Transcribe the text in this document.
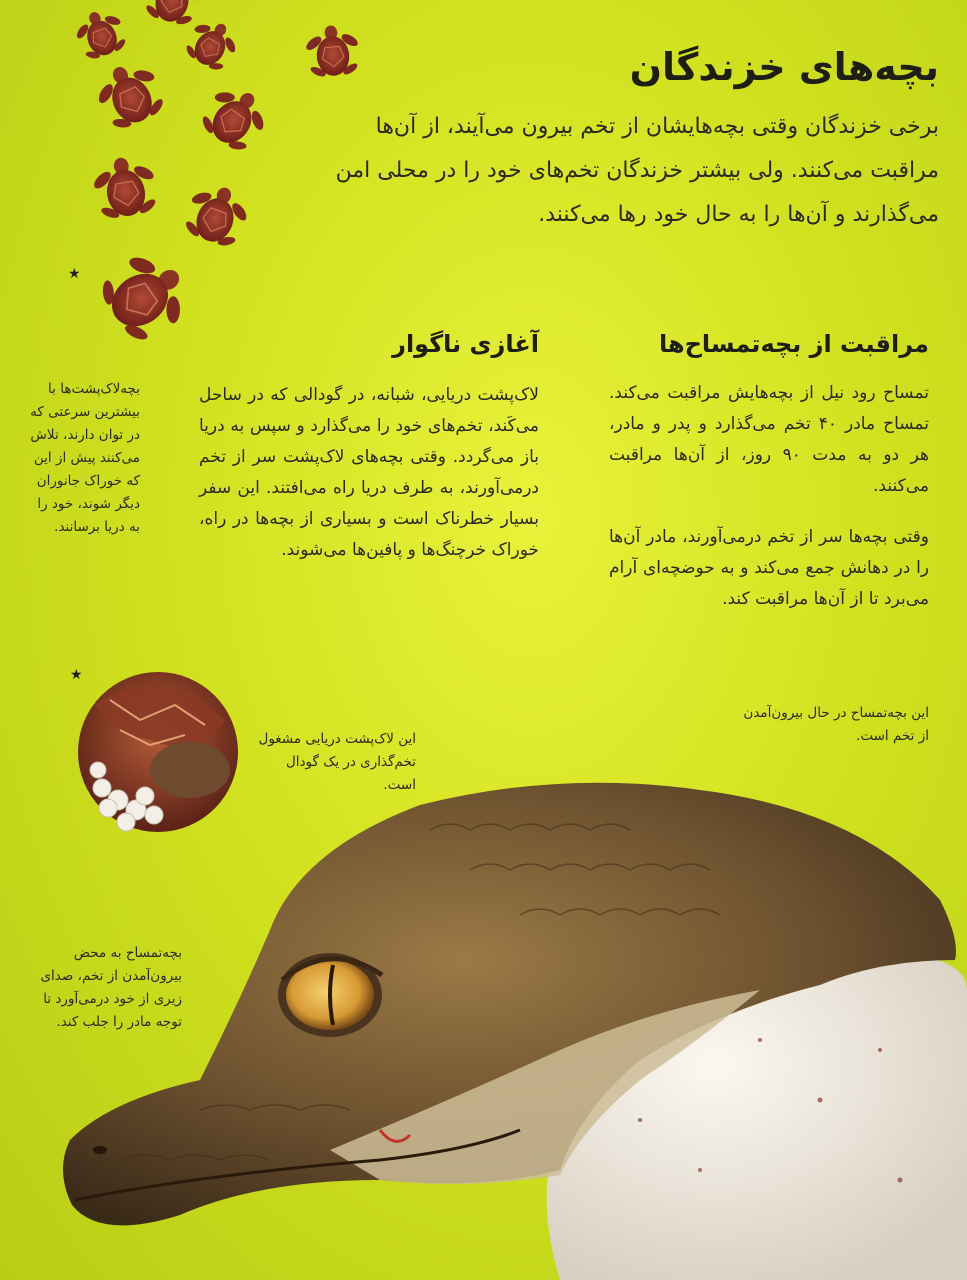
بچه‌های خزندگان

برخی خزندگان وقتی بچه‌هایشان از تخم بیرون می‌آیند، از آن‌ها مراقبت می‌کنند. ولی بیشتر خزندگان تخم‌های خود را در محلی امن می‌گذارند و آن‌ها را به حال خود رها می‌کنند.

مراقبت از بچه‌تمساح‌ها

تمساح رود نیل از بچه‌هایش مراقبت می‌کند. تمساح مادر ۴۰ تخم می‌گذارد و پدر و مادر، هر دو به مدت ۹۰ روز، از آن‌ها مراقبت می‌کنند.

وقتی بچه‌ها سر از تخم درمی‌آورند، مادر آن‌ها را در دهانش جمع می‌کند و به حوضچه‌ای آرام می‌برد تا از آن‌ها مراقبت کند.

آغازی ناگوار

لاک‌پشت دریایی، شبانه، در گودالی که در ساحل می‌کَند، تخم‌های خود را می‌گذارد و سپس به دریا باز می‌گردد. وقتی بچه‌های لاک‌پشت سر از تخم درمی‌آورند، به طرف دریا راه می‌افتند. این سفر بسیار خطرناک است و بسیاری از بچه‌ها در راه، خوراک خرچنگ‌ها و پافین‌ها می‌شوند.

★

بچه‌لاک‌پشت‌ها با بیشترین سرعتی که در توان دارند، تلاش می‌کنند پیش از این که خوراک جانوران دیگر شوند، خود را به دریا برسانند.

★

این لاک‌پشت دریایی مشغول تخم‌گذاری در یک گودال است.

این بچه‌تمساح در حال بیرون‌آمدن از تخم است.

بچه‌تمساح به محض بیرون‌آمدن از تخم، صدای زیری از خود درمی‌آورد تا توجه مادر را جلب کند.
